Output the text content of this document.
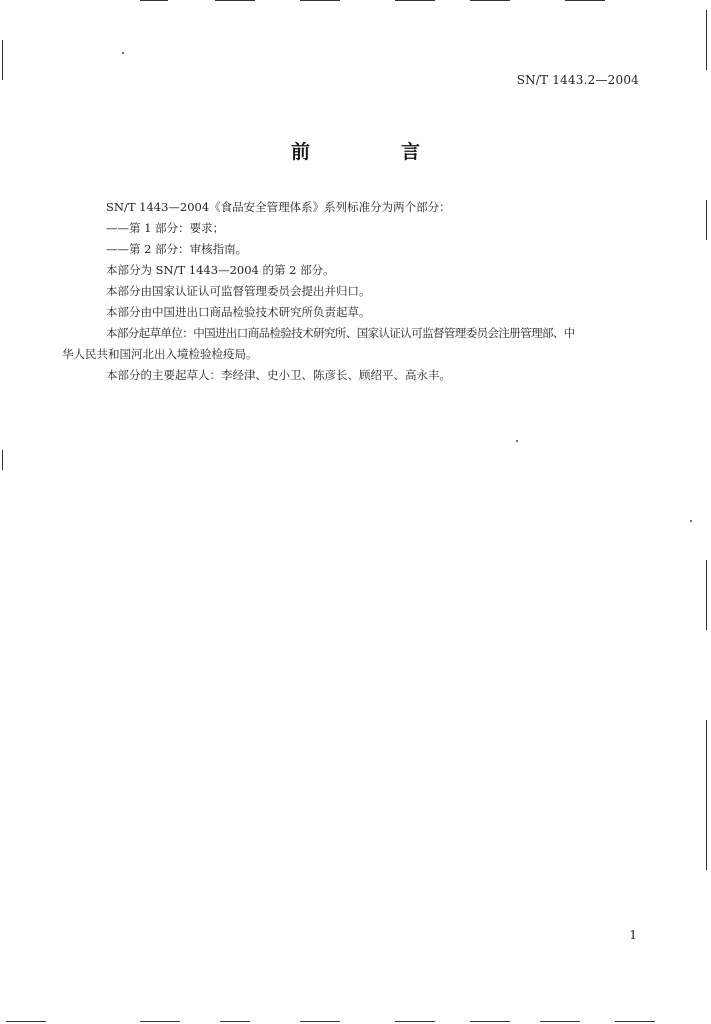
SN/T 1443.2—2004
前　言

SN/T 1443—2004《食品安全管理体系》系列标准分为两个部分：

——第 1 部分：要求；

——第 2 部分：审核指南。

本部分为 SN/T 1443—2004 的第 2 部分。

本部分由国家认证认可监督管理委员会提出并归口。

本部分由中国进出口商品检验技术研究所负责起草。

本部分起草单位：中国进出口商品检验技术研究所、国家认证认可监督管理委员会注册管理部、中
华人民共和国河北出入境检验检疫局。

本部分的主要起草人：李经津、史小卫、陈彦长、顾绍平、高永丰。

1
